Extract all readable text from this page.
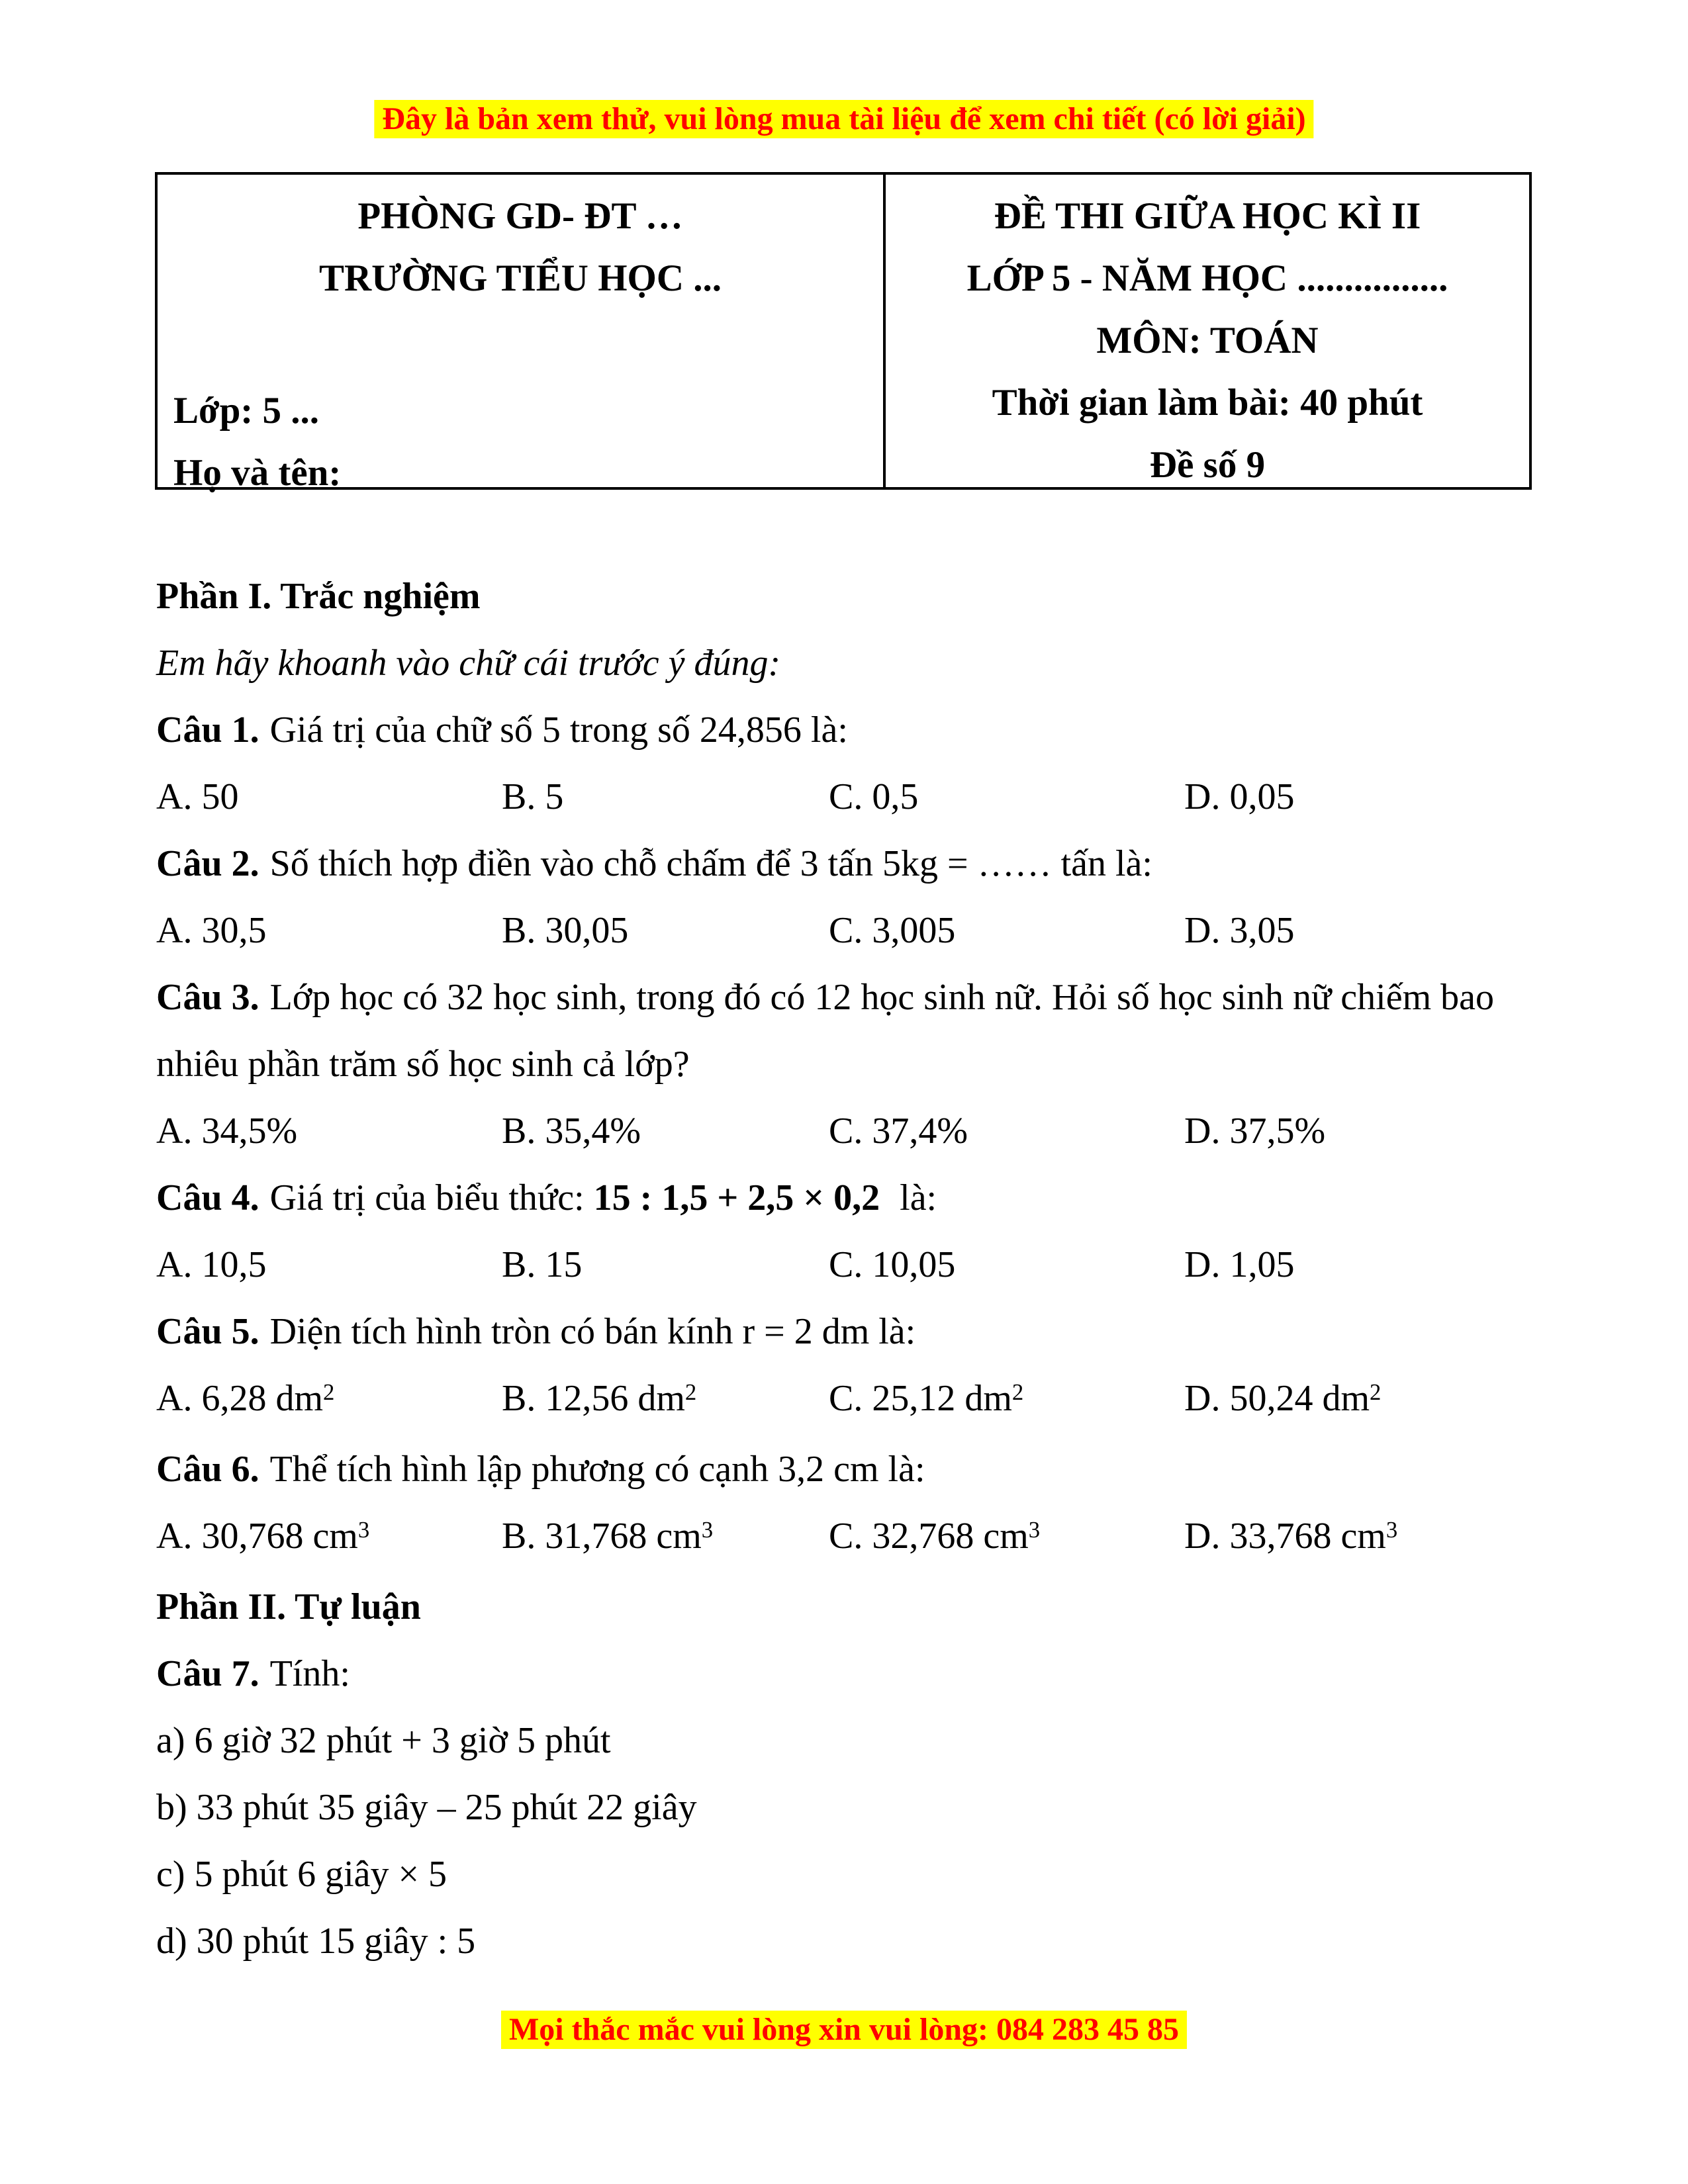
Đây là bản xem thử, vui lòng mua tài liệu để xem chi tiết (có lời giải)
PHÒNG GD- ĐT …
TRƯỜNG TIỂU HỌC ...
Lớp: 5 ...
Họ và tên:
ĐỀ THI GIỮA HỌC KÌ II
LỚP 5 - NĂM HỌC ................
MÔN: TOÁN
Thời gian làm bài: 40 phút
Đề số 9
Phần I. Trắc nghiệm
Em hãy khoanh vào chữ cái trước ý đúng:
Câu 1. Giá trị của chữ số 5 trong số 24,856 là:
A. 50	B. 5	C. 0,5	D. 0,05
Câu 2. Số thích hợp điền vào chỗ chấm để 3 tấn 5kg = …… tấn là:
A. 30,5	B. 30,05	C. 3,005	D. 3,05
Câu 3. Lớp học có 32 học sinh, trong đó có 12 học sinh nữ. Hỏi số học sinh nữ chiếm bao nhiêu phần trăm số học sinh cả lớp?
A. 34,5%	B. 35,4%	C. 37,4%	D. 37,5%
Câu 4. Giá trị của biểu thức: 15 : 1,5 + 2,5 × 0,2 là:
A. 10,5	B. 15	C. 10,05	D. 1,05
Câu 5. Diện tích hình tròn có bán kính r = 2 dm là:
A. 6,28 $dm^2$	B. 12,56 $dm^2$	C. 25,12 $dm^2$	D. 50,24 $dm^2$
Câu 6. Thể tích hình lập phương có cạnh 3,2 cm là:
A. 30,768 $cm^3$	B. 31,768 $cm^3$	C. 32,768 $cm^3$	D. 33,768 $cm^3$
Phần II. Tự luận
Câu 7. Tính:
a) 6 giờ 32 phút + 3 giờ 5 phút
b) 33 phút 35 giây – 25 phút 22 giây
c) 5 phút 6 giây × 5
d) 30 phút 15 giây : 5
Mọi thắc mắc vui lòng xin vui lòng: 084 283 45 85
